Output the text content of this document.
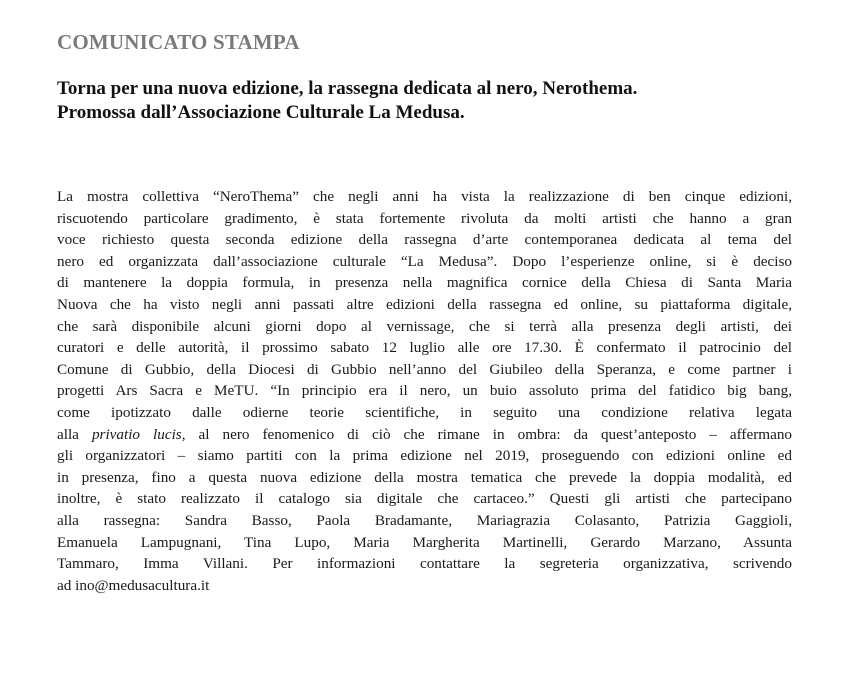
COMUNICATO STAMPA
Torna per una nuova edizione, la rassegna dedicata al nero, Nerothema.
Promossa dall’Associazione Culturale La Medusa.
La mostra collettiva “NeroThema” che negli anni ha vista la realizzazione di ben cinque edizioni,
riscuotendo particolare gradimento, è stata fortemente rivoluta da molti artisti che hanno a gran
voce richiesto questa seconda edizione della rassegna d’arte contemporanea dedicata al tema del
nero ed organizzata dall’associazione culturale “La Medusa”. Dopo l’esperienze online, si è deciso
di mantenere la doppia formula, in presenza nella magnifica cornice della Chiesa di Santa Maria
Nuova che ha visto negli anni passati altre edizioni della rassegna ed online, su piattaforma digitale,
che sarà disponibile alcuni giorni dopo al vernissage, che si terrà alla presenza degli artisti, dei
curatori e delle autorità, il prossimo sabato 12 luglio alle ore 17.30. È confermato il patrocinio del
Comune di Gubbio, della Diocesi di Gubbio nell’anno del Giubileo della Speranza, e come partner i
progetti Ars Sacra e MeTU. “In principio era il nero, un buio assoluto prima del fatidico big bang,
come ipotizzato dalle odierne teorie scientifiche, in seguito una condizione relativa legata
alla privatio lucis, al nero fenomenico di ciò che rimane in ombra: da quest’anteposto – affermano
gli organizzatori – siamo partiti con la prima edizione nel 2019, proseguendo con edizioni online ed
in presenza, fino a questa nuova edizione della mostra tematica che prevede la doppia modalità, ed
inoltre, è stato realizzato il catalogo sia digitale che cartaceo.” Questi gli artisti che partecipano
alla rassegna: Sandra Basso, Paola Bradamante, Mariagrazia Colasanto, Patrizia Gaggioli,
Emanuela Lampugnani, Tina Lupo, Maria Margherita Martinelli, Gerardo Marzano, Assunta
Tammaro, Imma Villani. Per informazioni contattare la segreteria organizzativa, scrivendo
ad ino@medusacultura.it
